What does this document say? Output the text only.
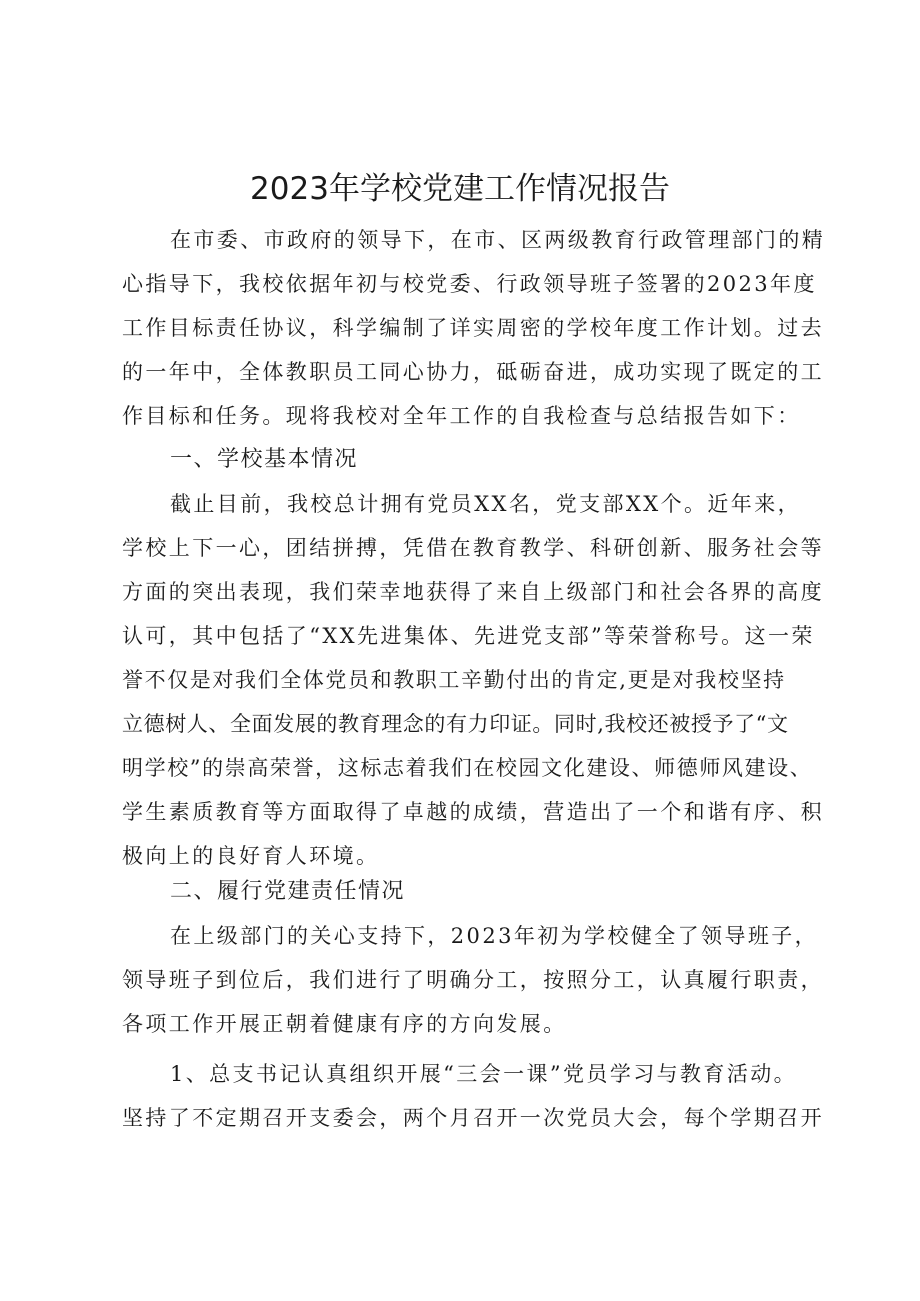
2023年学校党建工作情况报告
在市委、市政府的领导下，在市、区两级教育行政管理部门的精
心指导下，我校依据年初与校党委、行政领导班子签署的2023年度
工作目标责任协议，科学编制了详实周密的学校年度工作计划。过去
的一年中，全体教职员工同心协力，砥砺奋进，成功实现了既定的工
作目标和任务。现将我校对全年工作的自我检查与总结报告如下：
一、学校基本情况
截止目前，我校总计拥有党员XX名，党支部XX个。近年来，
学校上下一心，团结拼搏，凭借在教育教学、科研创新、服务社会等
方面的突出表现，我们荣幸地获得了来自上级部门和社会各界的高度
认可，其中包括了“XX先进集体、先进党支部”等荣誉称号。这一荣
誉不仅是对我们全体党员和教职工辛勤付出的肯定,更是对我校坚持
立德树人、全面发展的教育理念的有力印证。同时,我校还被授予了“文
明学校”的崇高荣誉，这标志着我们在校园文化建设、师德师风建设、
学生素质教育等方面取得了卓越的成绩，营造出了一个和谐有序、积
极向上的良好育人环境。
二、履行党建责任情况
在上级部门的关心支持下，2023年初为学校健全了领导班子，
领导班子到位后，我们进行了明确分工，按照分工，认真履行职责，
各项工作开展正朝着健康有序的方向发展。
1、总支书记认真组织开展“三会一课”党员学习与教育活动。
坚持了不定期召开支委会，两个月召开一次党员大会，每个学期召开
